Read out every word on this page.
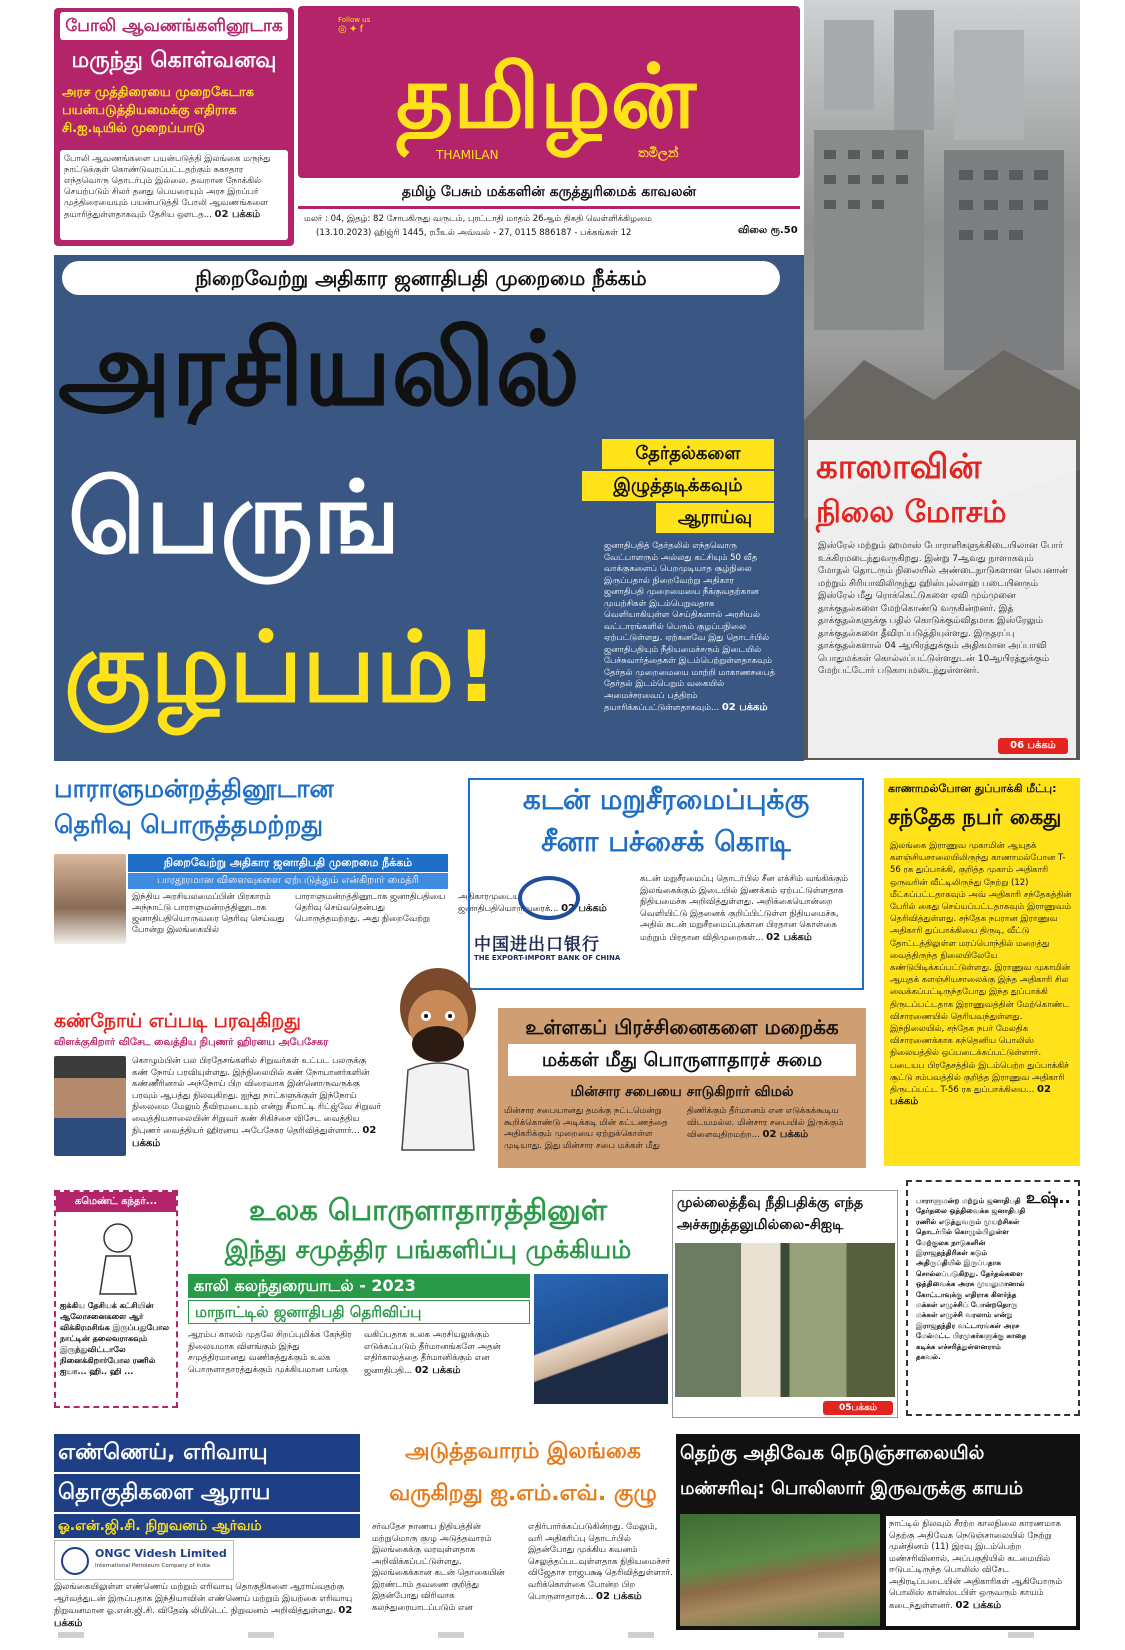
போலி ஆவணங்களினூடாக
மருந்து கொள்வனவு
அரச முத்திரையை முறைகேடாக பயன்படுத்தியமைக்கு எதிராக சி.ஐ.டியில் முறைப்பாடு
போலி ஆவணங்களை பயன்படுத்தி இலங்கை மருந்து நாட்டுக்குள் கொண்டுவரப்பட்டதற்கும் சுகாதார எந்தவொரு தொடர்பும் இல்லை. தவறான நோக்கில் செயற்படும் சிலர் தனது பெயரையும் அரச இறப்பர் முத்திரையையும் பயன்படுத்தி போலி ஆவணங்களை தயாரித்துள்ளதாகவும் தேசிய ஔடத... 02 பக்கம்
Follow us
◎ ✦ f
தமிழன்
THAMILAN	තමිලන්
தமிழ் பேசும் மக்களின் கருத்துரிமைக் காவலன்
மலர் : 04, இதழ்: 82 சோபகிருது வருடம், புரட்டாதி மாதம் 26ஆம் திகதி வெள்ளிக்கிழமை
(13.10.2023) ஹிஜ்ரி 1445, ரபீஉல் அவ்வல் - 27, 0115 886187 - பக்கங்கள் 12	விலை ரூ.50
நிறைவேற்று அதிகார ஜனாதிபதி முறைமை நீக்கம்
அரசியலில்
பெருங்
குழப்பம்!
தேர்தல்களை
இழுத்தடிக்கவும்
ஆராய்வு
ஜனாதிபதித் தேர்தலில் எந்தவொரு வேட்பாளரும் அல்லது கட்சியும் 50 வீத வாக்குகளைப் பெறமுடியாத சூழ்நிலை இருப்பதால் நிறைவேற்று அதிகார ஜனாதிபதி முறைமையை நீக்குவதற்கான முயற்சிகள் இடம்பெறுவதாக வெளியாகியுள்ள செய்திகளால் அரசியல் வட்டாரங்களில் பெரும் குழப்பநிலை ஏற்பட்டுள்ளது. ஏற்கனவே இது தொடர்பில் ஜனாதிபதியும் நீதியமைச்சரும் இடையில் பேச்சுவார்த்தைகள் இடம்பெற்றுள்ளதாகவும் தேர்தல் முறைமையை மாற்றி மாகாணசபைத் தேர்தல் இடம்பெறும் வகையில் அமைச்சரவைப் பத்திரம் தயாரிக்கப்பட்டுள்ளதாகவும்... 02 பக்கம்
காஸாவின்
நிலை மோசம்
இஸ்ரேல் மற்றும் ஹமாஸ் போராளிகளுக்கிடையிலான போர் உக்கிரமடைந்துவருகிறது. இன்று 7ஆவது நாளாகவும் மோதல் தொடரும் நிலையில் அண்டைநாடுகளான லெபனான் மற்றும் சிரியாவிலிருந்து ஹிஸ்புல்லாஹ் படையினரும் இஸ்ரேல் மீது ரொக்கெட்டுகளை ஏவி மும்முனை தாக்குதல்களை மேற்கொண்டு வருகின்றனர். இத் தாக்குதல்களுக்கு பதில் கொடுக்கும்விதமாக இஸ்ரேலும் தாக்குதல்களை தீவிரப்படுத்தியுள்ளது. இருதரப்பு தாக்குதல்களால் 04 ஆயிரத்துக்கும் அதிகமான அப்பாவி பொதுமக்கள் கொல்லப்பட்டுள்ளதுடன் 10ஆயிரத்துக்கும் மேற்பட்டோர் படுகாயமடைந்துள்ளனர்.
06 பக்கம்
பாராளுமன்றத்தினூடான
தெரிவு பொருத்தமற்றது
நிறைவேற்று அதிகார ஜனாதிபதி முறைமை நீக்கம்
பாரதூரமான விளைவுகளை ஏற்படுத்தும் என்கிறார் மைத்ரி
இந்திய அரசியலமைப்பின் பிரகாரம் அந்நாட்டு பாராளுமன்றத்தினூடாக ஜனாதிபதியொருவரை தெரிவு செய்வது போன்று இலங்கையில் பாராளுமன்றத்தினூடாக ஜனாதிபதியை தெரிவு செய்வதென்பது பொருத்தமற்றது. அது நிறைவேற்று அதிகாரமுடைய ஜனாதிபதியொருவரைக்... 02 பக்கம்
கடன் மறுசீரமைப்புக்கு
சீனா பச்சைக் கொடி
中国进出口银行
THE EXPORT-IMPORT BANK OF CHINA
கடன் மறுசீரமைப்பு தொடர்பில் சீன எக்சிம் வங்கிக்கும் இலங்கைக்கும் இடையில் இணக்கம் ஏற்பட்டுள்ளதாக நிதியமைச்சு அறிவித்துள்ளது. அறிக்கையொன்றை வெளியிட்டு இதனைக் குறிப்பிட்டுள்ள நிதியமைச்சு, அதில் கடன் மறுசீரமைப்புக்கான பிரதான கொள்கை மற்றும் பிரதான விதிமுறைகள்... 02 பக்கம்
காணாமல்போன துப்பாக்கி மீட்பு:
சந்தேக நபர் கைது
இலங்கை இராணுவ முகாமின் ஆயுதக் களஞ்சியசாலையிலிருந்து காணாமல்போன T-56 ரக துப்பாக்கி, குறித்த முகாம் அதிகாரி ஒருவரின் வீட்டிலிருந்து நேற்று (12) மீட்கப்பட்டதாகவும் அவ் அதிகாரி சந்தேகத்தின் பேரில் கைது செய்யப்பட்டதாகவும் இராணுவம் தெரிவித்துள்ளது. சந்தேக நபரான இராணுவ அதிகாரி துப்பாக்கியை திருடி, வீட்டு தோட்டத்திலுள்ள மரப்பொந்தில் மறைத்து வைத்திருந்த நிலையிலேயே கண்டுபிடிக்கப்பட்டுள்ளது. இராணுவ முகாமின் ஆயுதக் களஞ்சியசாலைக்கு இந்த அதிகாரி சில வைக்கப்பட்டிருந்தபோது இந்த துப்பாக்கி திருடப்பட்டதாக இராணுவத்தின் மேற்கொண்ட விசாரணையில் தெரியவந்துள்ளது. இந்நிலையில், சந்தேக நபர் மேலதிக விசாரணைக்காக கந்தெனிய பொலிஸ் நிலையத்தில் ஒப்படைக்கப்பட்டுள்ளார். படையப பிரதேசத்தில் இடம்பெற்ற துப்பாக்கிச் சூட்டு சம்பவத்தில் குறித்த இராணுவ அதிகாரி திருடப்பட்ட T-56 ரக துப்பாக்கியை... 02 பக்கம்
கண்நோய் எப்படி பரவுகிறது
விளக்குகிறார் விசேட வைத்திய நிபுணர் ஹிரனய அபேசேகர
கொழும்பின் பல பிரதேசங்களில் சிறுவர்கள் உட்பட பலருக்கு கண் நோய் பரவியுள்ளது. இந்நிலையில் கண் நோயானர்களின் கண்ணீரினால் அந்நோய் பிற விரைவாக இன்னொருவருக்கு பரவும் ஆபத்து நிலவுகிறது. ஐந்து நாட்களுக்குள் இந்நோய் நிலைமை மேலும் தீவிரமடையும் என்று சீமாட்டி ரிட்ஜ்வே சிறுவர் வைத்தியசாலையின் சிறுவர் கண் சிகிச்சை விசேட வைத்திய நிபுணர் வைத்தியர் ஹிரனய அபேசேகர தெரிவித்துள்ளார்... 02 பக்கம்
உள்ளகப் பிரச்சினைகளை மறைக்க
மக்கள் மீது பொருளாதாரச் சுமை
மின்சார சபையை சாடுகிறார் விமல்
மின்சார சபையானது தமக்கு நட்டமென்று கூறிக்கொண்டு அடிக்கடி மின் கட்டணத்தை அதிகரிக்கும் முறையை ஏற்றுக்கொள்ள முடியாது. இது மின்சார சபை மக்கள் மீது திணிக்கும் தீர்மானம் என எடுக்கக்கூடிய விடயமல்ல. மின்சார சபையில் இருக்கும் விளைவுதிறமற்ற... 02 பக்கம்
கமெண்ட் கந்தர்...
ஐக்கிய தேசியக் கட்சியின் ஆலோசனைகளை ஆர் விக்கிரமசிங்க இருப்பதுபோல நாட்டின் தலைவராகவும் இருந்துவிட்டாலே நினைக்கிறார்போல ரணில் ஐயா... ஹி.. ஹி ...
உலக பொருளாதாரத்தினுள்
இந்து சமுத்திர பங்களிப்பு முக்கியம்
காலி கலந்துரையாடல் - 2023
மாநாட்டில் ஜனாதிபதி தெரிவிப்பு
ஆரம்ப காலம் முதலே சிறப்புமிக்க கேந்திர நிலையமாக விளங்கும் இந்து சமுத்திரமானது வணிகத்துக்கும் உலக பொருளாதாரத்துக்கும் முக்கியமான பங்கு வகிப்பதாக உலக அரசியலுக்கும் எடுக்கப்படும் தீர்மானங்களே அதன் எதிர்காலத்தை தீர்மானிக்கும் என ஜனாதிபதி... 02 பக்கம்
முல்லைத்தீவு நீதிபதிக்கு எந்த
அச்சுறுத்தலுமில்லை-சிஐடி
05பக்கம்
உஷ்..
பாராளுமன்ற மற்றும் ஜனாதிபதி தேர்தலை ஒத்திவைக்க ஜனாதிபதி ரணில் எடுத்துவரும் முயற்சிகள் தொடர்பில் கொழும்பிலுள்ள மேற்குலக நாடுகளின் இராஜதந்திரிகள் கடும் அதிருப்தியில் இருப்பதாக சொல்லப்படுகிறது. தேர்தல்களை ஒத்திவைக்க அரசு முயலுமானால் கோட்டாவுக்கு எதிராக கிளர்ந்த மக்கள் எழுச்சிப் போன்றதொரு மக்கள் எழுச்சி வரலாம் என்று இராஜதந்திர வட்டாரங்கள் அரச மேல்மட்ட பிரமுகர்களுக்கு காதை கடிக்க எச்சரித்துள்ளனராம் தகவல்.
எண்ணெய், எரிவாயு
தொகுதிகளை ஆராய
ஓ.என்.ஜி.சி. நிறுவனம் ஆர்வம்
ONGC Videsh Limited
International Petroleum Company of India
இலங்கையிலுள்ள எண்ணெய் மற்றும் எரிவாயு தொகுதிகளை ஆராய்வதற்கு ஆர்வத்துடன் இருப்பதாக இந்தியாவின் எண்ணெய் மற்றும் இயற்கை எரிவாயு நிறுவனமான ஓ.என்.ஜி.சி. விதேஷ் லிமிடெட் நிறுவனம் அறிவித்துள்ளது. 02 பக்கம்
அடுத்தவாரம் இலங்கை
வருகிறது ஐ.எம்.எவ். குழு
சர்வதேச நாணய நிதியத்தின் மற்றுமொரு குழு அடுத்தவாரம் இலங்கைக்கு வரவுள்ளதாக அறிவிக்கப்பட்டுள்ளது. இலங்கைக்கான கடன் தொகையின் இரண்டாம் தவணை குறித்து இதன்போது விரிவாக கலந்துரையாடப்படும் என எதிர்பார்க்கப்படுகின்றது. மேலும், வரி அதிகரிப்பு தொடர்பில் இதன்போது முக்கிய கவனம் செலுத்தப்படவுள்ளதாக நிதியமைச்சர் விஜேதாச ராஜபக்ஷ தெரிவித்துள்ளார். வரிக்கொள்கை போன்ற பிற பொருளாதாரக்... 02 பக்கம்
தெற்கு அதிவேக நெடுஞ்சாலையில்
மண்சரிவு: பொலிஸார் இருவருக்கு காயம்
நாட்டில் நிலவும் சீரற்ற காலநிலை காரணமாக தெற்கு அதிவேக நெடுஞ்சாலையில் நேற்று முன்தினம் (11) இரவு இடம்பெற்ற மண்சரிவினால், அப்பகுதியில் கடமையில் ஈடுபட்டிருந்த பொலிஸ் விசேட அதிரடிப்படையின் அதிகாரிகள் ஆகியோரும் பொலிஸ் கான்ஸ்டபிள் ஒருவரும் காயம் கடைந்துள்ளனர். 02 பக்கம்
